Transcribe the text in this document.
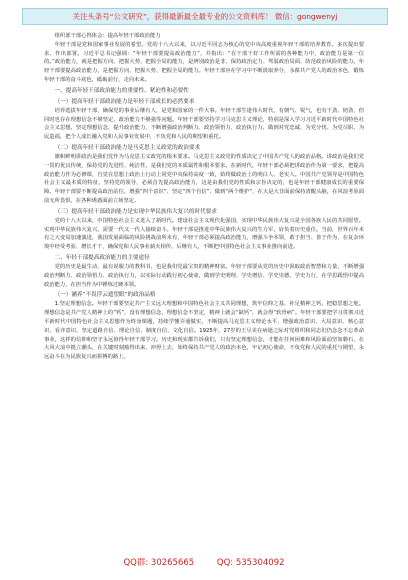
关注头条号“公文研究”，获得最新最全最专业的公文资料库！ 微信：gongwenyj

组织部干部心得体会：提高年轻干部政治能力

年轻干部是党和国家事业发展的希望。党的十八大以来，以习近平同志为核心的党中央高度重视年轻干部的培养教育。多次提出要求、作出部署。习近平总书记强调：“年轻干部要提高政治能力”，并指出：“在干部干好工作所需的各种能力中，政治能力是第一位的。”政治能力，就是把握方向、把握大势、把握全局的能力，是辨别政治是非、保持政治定力、驾驭政治局面、防范政治风险的能力。年轻干部要提高政治能力，是把握方向、把握大势、把握全局的能力。年轻干部应在学习中不断汲取养分，永葆共产党人的政治本色，锻炼年轻干部的奋斗底色，砥砺前行，走向未来。

一、提高年轻干部政治能力的重要性、紧迫性和必要性

（一）提高年轻干部政治能力是年轻干部成长的必然要求

培养选拔年轻干部，确保党的事业后继有人，是党和国家的一件大事。年轻干部生逢伟大时代，有朝气、锐气，也有干劲、韧劲，但同时也存在理想信念不够坚定、政治能力不够强等问题。年轻干部要坚持学习马克思主义理论，特别是深入学习习近平新时代中国特色社会主义思想，坚定理想信念，提升政治能力，不断增强政治判断力、政治领悟力、政治执行力，做到对党忠诚、为党分忧、为党尽职、为民造福，把个人成长融入党和人民事业发展中，不负党和人民的期望和重托。

（二）提高年轻干部政治能力是马克思主义政党的政治要求

旗帜鲜明讲政治是我们党作为马克思主义政党的根本要求。马克思主义政党的性质决定了中国共产党人的政治品格。讲政治是我们党一贯的优良传统，保持党的先进性、纯洁性，是我们党的本质属性和根本要求。在新时代，年轻干部必须把讲政治作为第一要求，把提高政治能力作为必修课，自觉在思想上政治上行动上同党中央保持高度一致，始终做政治上的明白人、老实人。中国共产党领导是中国特色社会主义最本质的特征，坚持党的领导，必须首先提高政治能力，这是由我们党的性质和宗旨决定的，也是年轻干部健康成长的重要保障。年轻干部要不断提高政治站位，增强“四个意识”、坚定“四个自信”、做到“两个维护”，在大是大非面前保持清醒头脑，在风浪考验面前无所畏惧，在各种诱惑面前立场坚定。

（三）提高年轻干部政治能力是实现中华民族伟大复兴的时代要求

党的十八大以来，中国特色社会主义进入了新时代。建设社会主义现代化强国，实现中华民族伟大复兴是全国各族人民的共同愿望。实现中华民族伟大复兴，需要一代又一代人接续奋斗。年轻干部是推进中华民族伟大复兴的生力军，肩负着历史重任。当前，世界百年未有之大变局加速演进，我国发展面临的风险挑战前所未有，年轻干部必须提高政治能力，增强斗争本领，敢于担当、善于作为，在复杂环境中经受考验、增长才干，确保党和人民事业薪火相传、后继有人，不断把中国特色社会主义事业推向前进。

二、年轻干部提高政治能力的主要途径

党的历史是最生动、最有说服力的教科书，也是我们党最宝贵的精神财富。年轻干部要从党的历史中汲取政治智慧和力量，不断增强政治判断力、政治领悟力、政治执行力，以实际行动践行初心使命，做到学史明理、学史增信、学史崇德、学史力行，在学思践悟中提高政治能力，在担当作为中锤炼过硬本领。

（一）涵养“不畏浮云遮望眼”的政治品格

1.坚定理想信念。年轻干部要坚定共产主义远大理想和中国特色社会主义共同理想，筑牢信仰之基、补足精神之钙、把稳思想之舵。理想信念是共产党人精神上的“钙”，没有理想信念，理想信念不坚定，精神上就会“缺钙”，就会得“软骨病”。年轻干部要把学习贯彻习近平新时代中国特色社会主义思想作为终身课题，持续学懂弄通做实，不断提高马克思主义理论水平，增强政治意识、大局意识、核心意识、看齐意识，坚定道路自信、理论自信、制度自信、文化自信。1925年，27岁的王尽美在病逝之际对党组织和同志们仍念念不忘革命事业，这样的信仰和坚守永远值得年轻干部学习。历史和现实都告诉我们，只有坚定理想信念，才能在任何困难和风险面前坚如磐石，在大风大浪中挺立潮头，在关键时刻豁得出来、冲得上去，始终保持共产党人的政治本色，牢记初心使命，不负党和人民的重托与期望，永远奋斗在为民族复兴而拼搏的路上。

QQ群: 30265665	QQ: 535304092
